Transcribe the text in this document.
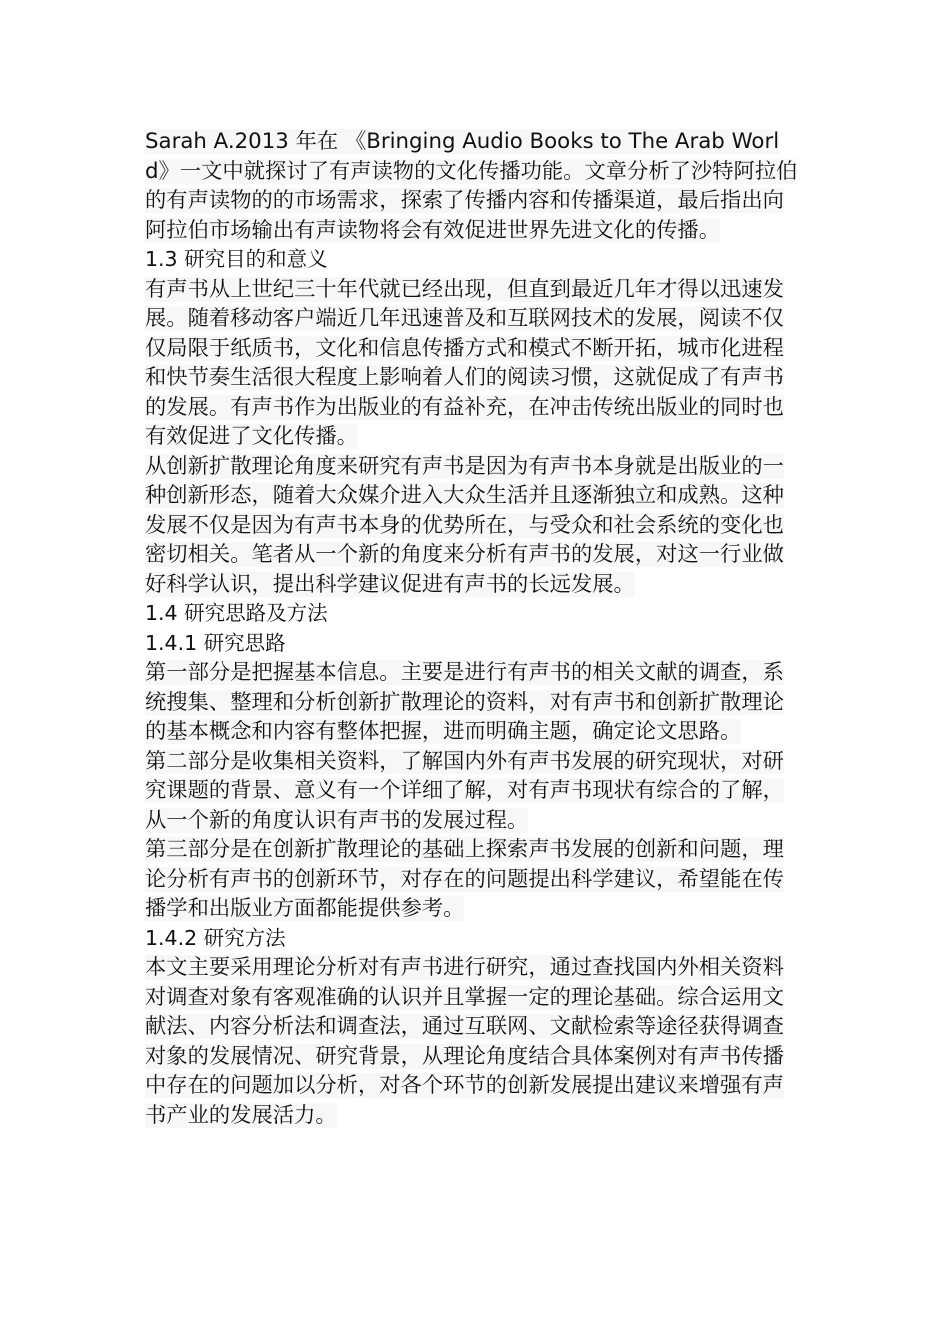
Sarah A.2013 年在 《Bringing Audio Books to The Arab World》一文中就探讨了有声读物的文化传播功能。文章分析了沙特阿拉伯的有声读物的的市场需求，探索了传播内容和传播渠道，最后指出向阿拉伯市场输出有声读物将会有效促进世界先进文化的传播。

1.3 研究目的和意义

有声书从上世纪三十年代就已经出现，但直到最近几年才得以迅速发展。随着移动客户端近几年迅速普及和互联网技术的发展，阅读不仅仅局限于纸质书，文化和信息传播方式和模式不断开拓，城市化进程和快节奏生活很大程度上影响着人们的阅读习惯，这就促成了有声书的发展。有声书作为出版业的有益补充，在冲击传统出版业的同时也有效促进了文化传播。

从创新扩散理论角度来研究有声书是因为有声书本身就是出版业的一种创新形态，随着大众媒介进入大众生活并且逐渐独立和成熟。这种发展不仅是因为有声书本身的优势所在，与受众和社会系统的变化也密切相关。笔者从一个新的角度来分析有声书的发展，对这一行业做好科学认识，提出科学建议促进有声书的长远发展。

1.4 研究思路及方法

1.4.1 研究思路

第一部分是把握基本信息。主要是进行有声书的相关文献的调查，系统搜集、整理和分析创新扩散理论的资料，对有声书和创新扩散理论的基本概念和内容有整体把握，进而明确主题，确定论文思路。

第二部分是收集相关资料，了解国内外有声书发展的研究现状，对研究课题的背景、意义有一个详细了解，对有声书现状有综合的了解，从一个新的角度认识有声书的发展过程。

第三部分是在创新扩散理论的基础上探索声书发展的创新和问题，理论分析有声书的创新环节，对存在的问题提出科学建议，希望能在传播学和出版业方面都能提供参考。

1.4.2 研究方法

本文主要采用理论分析对有声书进行研究，通过查找国内外相关资料对调查对象有客观准确的认识并且掌握一定的理论基础。综合运用文献法、内容分析法和调查法，通过互联网、文献检索等途径获得调查对象的发展情况、研究背景，从理论角度结合具体案例对有声书传播中存在的问题加以分析，对各个环节的创新发展提出建议来增强有声书产业的发展活力。
